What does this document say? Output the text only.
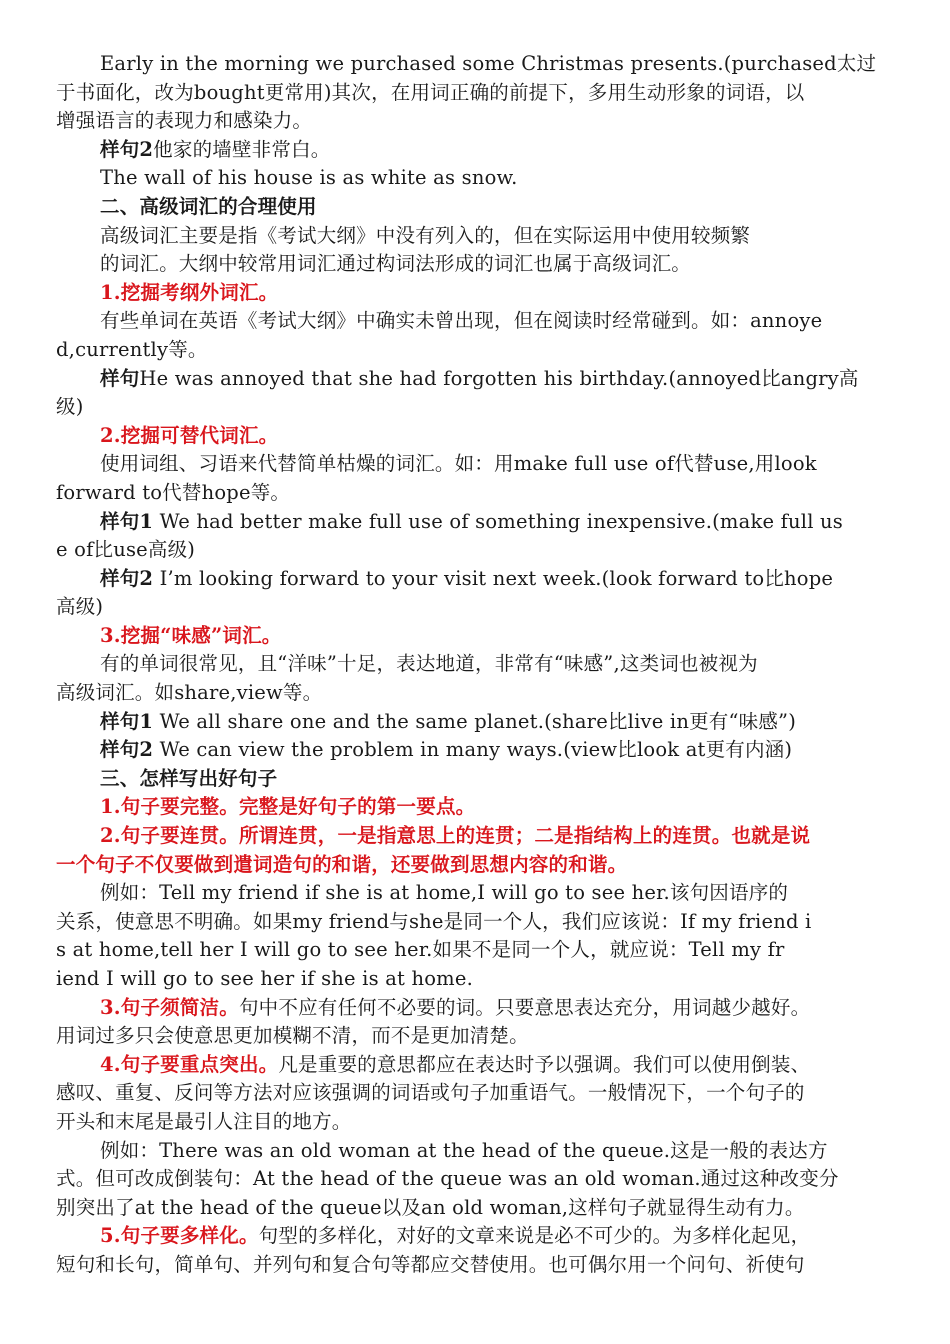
Early in the morning we purchased some Christmas presents.(purchased太过
于书面化，改为bought更常用)其次，在用词正确的前提下，多用生动形象的词语，以
增强语言的表现力和感染力。
样句2他家的墙壁非常白。
The wall of his house is as white as snow.
二、高级词汇的合理使用
高级词汇主要是指《考试大纲》中没有列入的，但在实际运用中使用较频繁
的词汇。大纲中较常用词汇通过构词法形成的词汇也属于高级词汇。
1.挖掘考纲外词汇。
有些单词在英语《考试大纲》中确实未曾出现，但在阅读时经常碰到。如：annoye
d,currently等。
样句He was annoyed that she had forgotten his birthday.(annoyed比angry高
级)
2.挖掘可替代词汇。
使用词组、习语来代替简单枯燥的词汇。如：用make full use of代替use,用look
forward to代替hope等。
样句1 We had better make full use of something inexpensive.(make full us
e of比use高级)
样句2 I’m looking forward to your visit next week.(look forward to比hope
高级)
3.挖掘“味感”词汇。
有的单词很常见，且“洋味”十足，表达地道，非常有“味感”,这类词也被视为
高级词汇。如share,view等。
样句1 We all share one and the same planet.(share比live in更有“味感”)
样句2 We can view the problem in many ways.(view比look at更有内涵)
三、怎样写出好句子
1.句子要完整。完整是好句子的第一要点。
2.句子要连贯。所谓连贯，一是指意思上的连贯；二是指结构上的连贯。也就是说
一个句子不仅要做到遣词造句的和谐，还要做到思想内容的和谐。
例如：Tell my friend if she is at home,I will go to see her.该句因语序的
关系，使意思不明确。如果my friend与she是同一个人，我们应该说：If my friend i
s at home,tell her I will go to see her.如果不是同一个人，就应说：Tell my fr
iend I will go to see her if she is at home.
3.句子须简洁。句中不应有任何不必要的词。只要意思表达充分，用词越少越好。
用词过多只会使意思更加模糊不清，而不是更加清楚。
4.句子要重点突出。凡是重要的意思都应在表达时予以强调。我们可以使用倒装、
感叹、重复、反问等方法对应该强调的词语或句子加重语气。一般情况下，一个句子的
开头和末尾是最引人注目的地方。
例如：There was an old woman at the head of the queue.这是一般的表达方
式。但可改成倒装句：At the head of the queue was an old woman.通过这种改变分
别突出了at the head of the queue以及an old woman,这样句子就显得生动有力。
5.句子要多样化。句型的多样化，对好的文章来说是必不可少的。为多样化起见，
短句和长句，简单句、并列句和复合句等都应交替使用。也可偶尔用一个问句、祈使句
